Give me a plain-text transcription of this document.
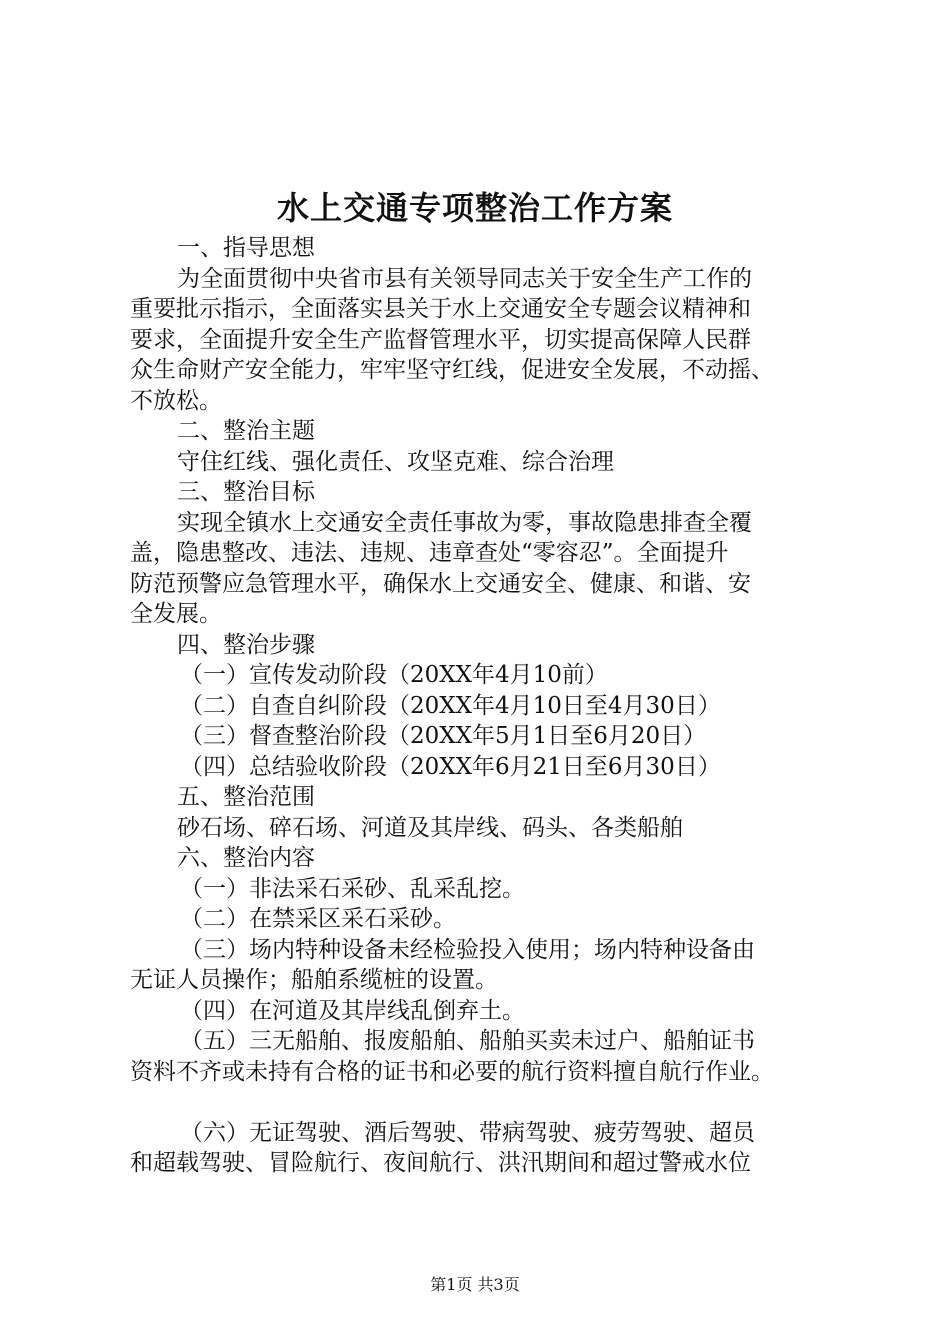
水上交通专项整治工作方案
一、指导思想
为全面贯彻中央省市县有关领导同志关于安全生产工作的
重要批示指示，全面落实县关于水上交通安全专题会议精神和
要求，全面提升安全生产监督管理水平，切实提高保障人民群
众生命财产安全能力，牢牢坚守红线，促进安全发展，不动摇、
不放松。
二、整治主题
守住红线、强化责任、攻坚克难、综合治理
三、整治目标
实现全镇水上交通安全责任事故为零，事故隐患排查全覆
盖，隐患整改、违法、违规、违章查处“零容忍”。全面提升
防范预警应急管理水平，确保水上交通安全、健康、和谐、安
全发展。
四、整治步骤
（一）宣传发动阶段（20XX年4月10前）
（二）自查自纠阶段（20XX年4月10日至4月30日）
（三）督查整治阶段（20XX年5月1日至6月20日）
（四）总结验收阶段（20XX年6月21日至6月30日）
五、整治范围
砂石场、碎石场、河道及其岸线、码头、各类船舶
六、整治内容
（一）非法采石采砂、乱采乱挖。
（二）在禁采区采石采砂。
（三）场内特种设备未经检验投入使用；场内特种设备由
无证人员操作；船舶系缆桩的设置。
（四）在河道及其岸线乱倒弃土。
（五）三无船舶、报废船舶、船舶买卖未过户、船舶证书
资料不齐或未持有合格的证书和必要的航行资料擅自航行作业。
（六）无证驾驶、酒后驾驶、带病驾驶、疲劳驾驶、超员
和超载驾驶、冒险航行、夜间航行、洪汛期间和超过警戒水位
第1页 共3页
